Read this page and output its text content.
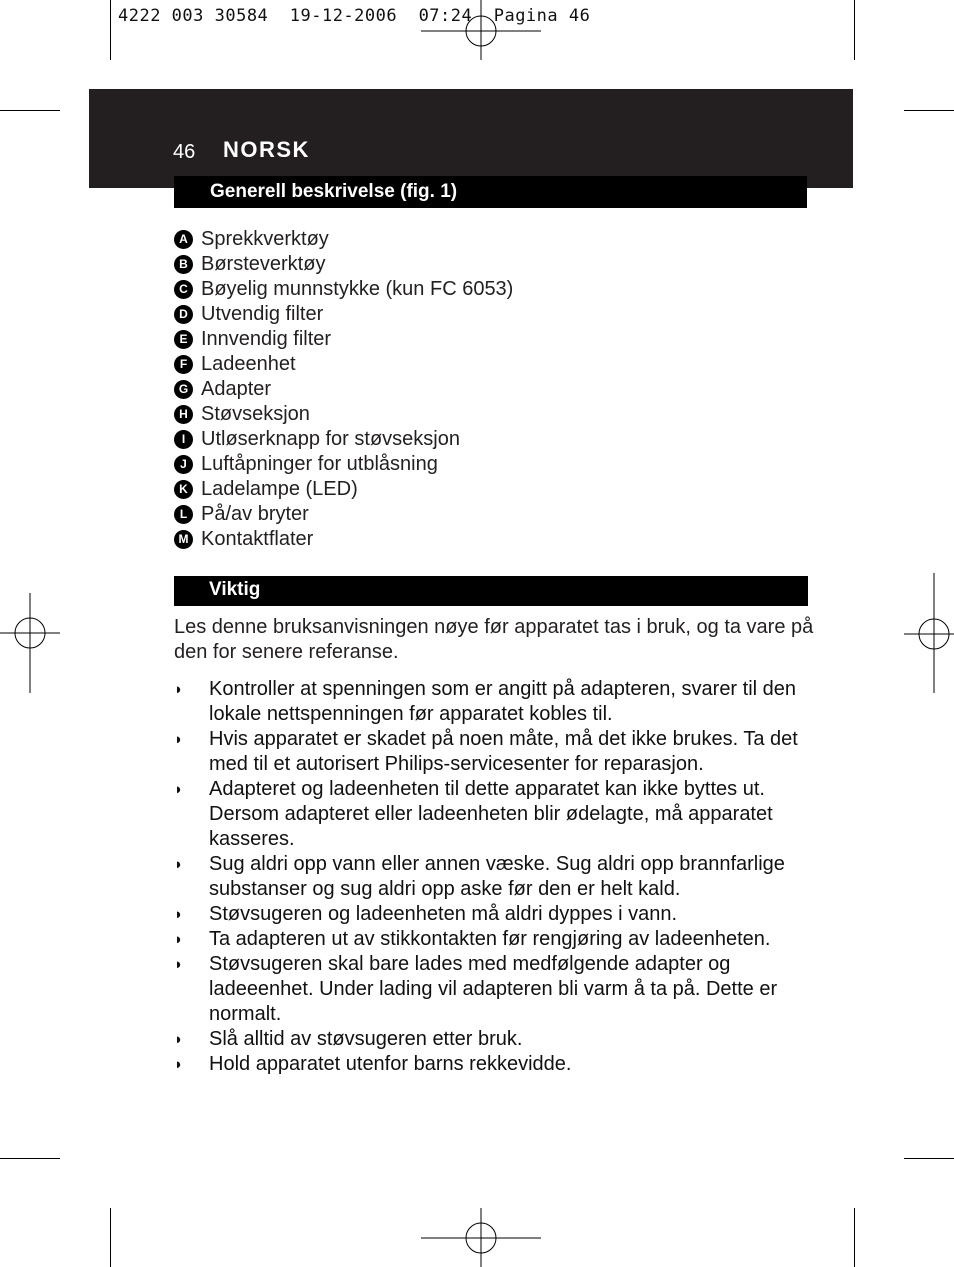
4222 003 30584  19-12-2006  07:24  Pagina 46
46 NORSK
Generell beskrivelse (fig. 1)
A Sprekkverktøy
B Børsteverktøy
C Bøyelig munnstykke (kun FC 6053)
D Utvendig filter
E Innvendig filter
F Ladeenhet
G Adapter
H Støvseksjon
I Utløserknapp for støvseksjon
J Luftåpninger for utblåsning
K Ladelampe (LED)
L På/av bryter
M Kontaktflater
Viktig

Les denne bruksanvisningen nøye før apparatet tas i bruk, og ta vare på den for senere referanse.

◗ Kontroller at spenningen som er angitt på adapteren, svarer til den lokale nettspenningen før apparatet kobles til.
◗ Hvis apparatet er skadet på noen måte, må det ikke brukes. Ta det med til et autorisert Philips-servicesenter for reparasjon.
◗ Adapteret og ladeenheten til dette apparatet kan ikke byttes ut. Dersom adapteret eller ladeenheten blir ødelagte, må apparatet kasseres.
◗ Sug aldri opp vann eller annen væske. Sug aldri opp brannfarlige substanser og sug aldri opp aske før den er helt kald.
◗ Støvsugeren og ladeenheten må aldri dyppes i vann.
◗ Ta adapteren ut av stikkontakten før rengjøring av ladeenheten.
◗ Støvsugeren skal bare lades med medfølgende adapter og ladeeenhet. Under lading vil adapteren bli varm å ta på. Dette er normalt.
◗ Slå alltid av støvsugeren etter bruk.
◗ Hold apparatet utenfor barns rekkevidde.
